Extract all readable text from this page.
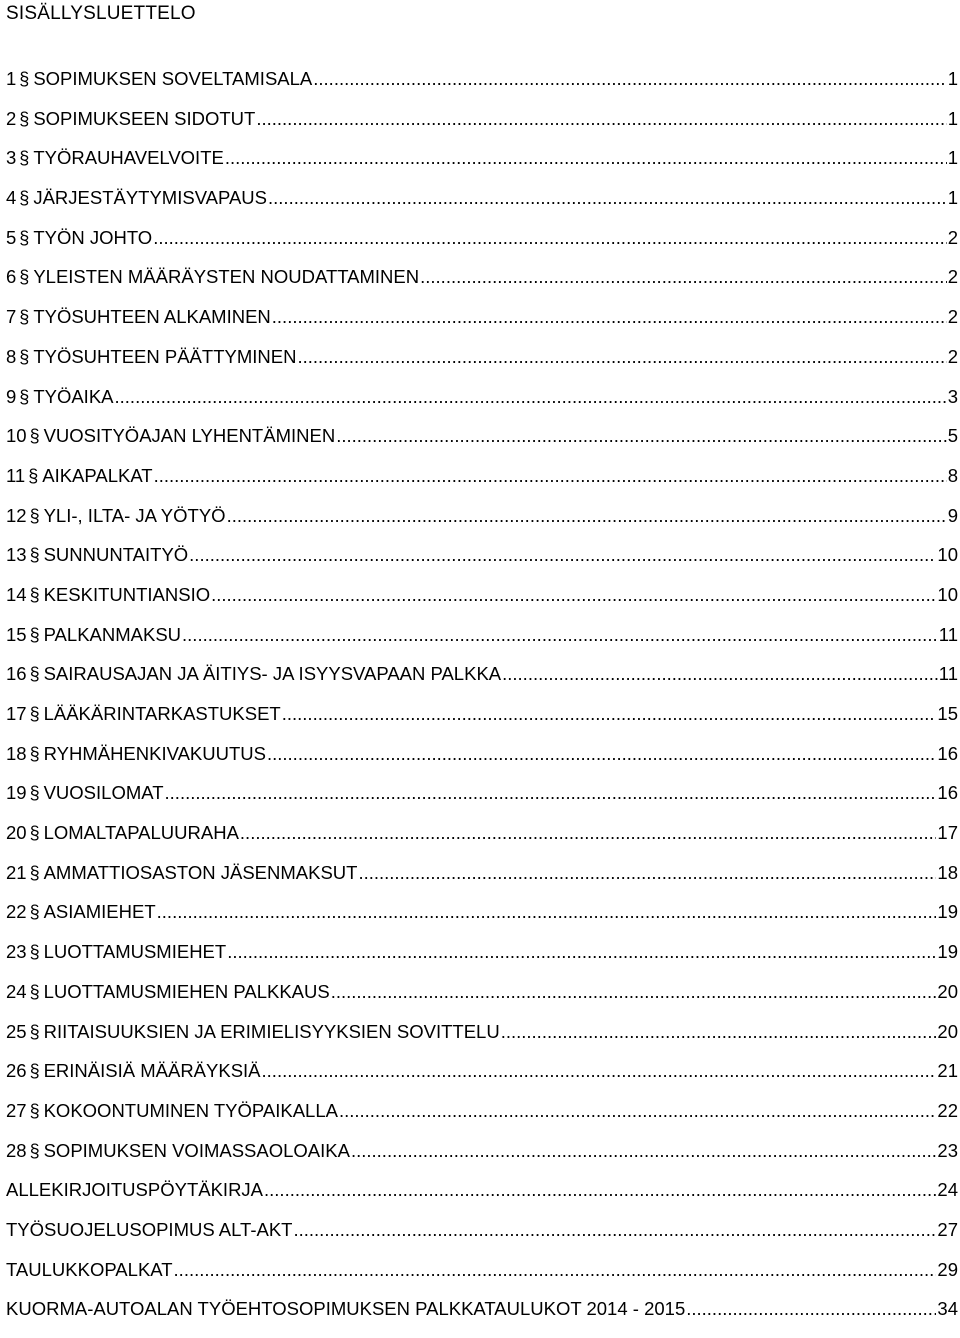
SISÄLLYSLUETTELO
1 § SOPIMUKSEN SOVELTAMISALA .....	1
2 § SOPIMUKSEEN SIDOTUT .....	1
3 § TYÖRAUHAVELVOITE .....	1
4 § JÄRJESTÄYTYMISVAPAUS .....	1
5 § TYÖN JOHTO .....	2
6 § YLEISTEN MÄÄRÄYSTEN NOUDATTAMINEN .....	2
7 § TYÖSUHTEEN ALKAMINEN .....	2
8 § TYÖSUHTEEN PÄÄTTYMINEN .....	2
9 § TYÖAIKA .....	3
10 § VUOSITYÖAJAN LYHENTÄMINEN .....	5
11 § AIKAPALKAT .....	8
12 § YLI-, ILTA- JA YÖTYÖ .....	9
13 § SUNNUNTAITYÖ .....	10
14 § KESKITUNTIANSIO .....	10
15 § PALKANMAKSU .....	11
16 § SAIRAUSAJAN JA ÄITIYS- JA ISYYSVAPAAN PALKKA .....	11
17 § LÄÄKÄRINTARKASTUKSET .....	15
18 § RYHMÄHENKIVAKUUTUS .....	16
19 § VUOSILOMAT .....	16
20 § LOMALTAPALUURAHA .....	17
21 § AMMATTIOSASTON JÄSENMAKSUT .....	18
22 § ASIAMIEHET .....	19
23 § LUOTTAMUSMIEHET .....	19
24 § LUOTTAMUSMIEHEN PALKKAUS .....	20
25 § RIITAISUUKSIEN JA ERIMIELISYYKSIEN SOVITTELU .....	20
26 § ERINÄISIÄ MÄÄRÄYKSIÄ .....	21
27 § KOKOONTUMINEN TYÖPAIKALLA .....	22
28 § SOPIMUKSEN VOIMASSAOLOAIKA .....	23
ALLEKIRJOITUSPÖYTÄKIRJA .....	24
TYÖSUOJELUSOPIMUS ALT-AKT .....	27
TAULUKKOPALKAT .....	29
KUORMA-AUTOALAN TYÖEHTOSOPIMUKSEN PALKKATAULUKOT 2014 - 2015 .....	34
